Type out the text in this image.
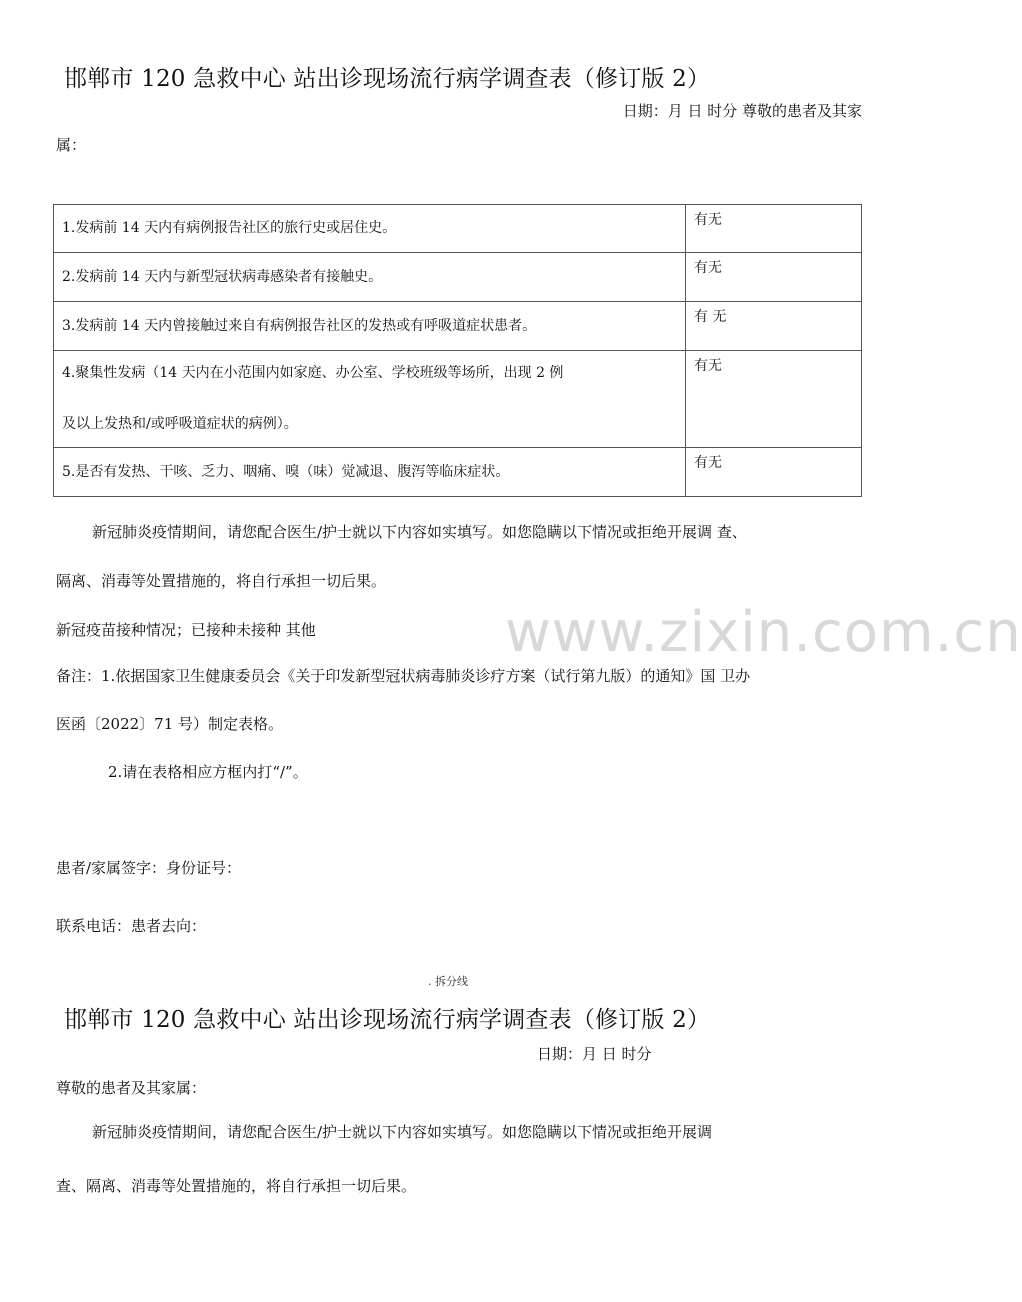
邯郸市 120 急救中心 站出诊现场流行病学调查表（修订版 2）
日期：月 日 时分 尊敬的患者及其家
属：
1.发病前 14 天内有病例报告社区的旅行史或居住史。	有无
2.发病前 14 天内与新型冠状病毒感染者有接触史。	有无
3.发病前 14 天内曾接触过来自有病例报告社区的发热或有呼吸道症状患者。	有 无

4.聚集性发病（14 天内在小范围内如家庭、办公室、学校班级等场所，出现 2 例
及以上发热和/或呼吸道症状的病例）。	有无
5.是否有发热、干咳、乏力、咽痛、嗅（味）觉减退、腹泻等临床症状。	有无
新冠肺炎疫情期间，请您配合医生/护士就以下内容如实填写。如您隐瞒以下情况或拒绝开展调 查、
隔离、消毒等处置措施的，将自行承担一切后果。
www.zixin.com.cn
新冠疫苗接种情况；已接种未接种 其他
备注：1.依据国家卫生健康委员会《关于印发新型冠状病毒肺炎诊疗方案（试行第九版）的通知》国 卫办
医函〔2022〕71 号）制定表格。
2.请在表格相应方框内打“/”。
患者/家属签字：身份证号：
联系电话：患者去向：
. 拆分线
邯郸市 120 急救中心 站出诊现场流行病学调查表（修订版 2）
日期：月 日 时分
尊敬的患者及其家属：
新冠肺炎疫情期间，请您配合医生/护士就以下内容如实填写。如您隐瞒以下情况或拒绝开展调
查、隔离、消毒等处置措施的，将自行承担一切后果。
